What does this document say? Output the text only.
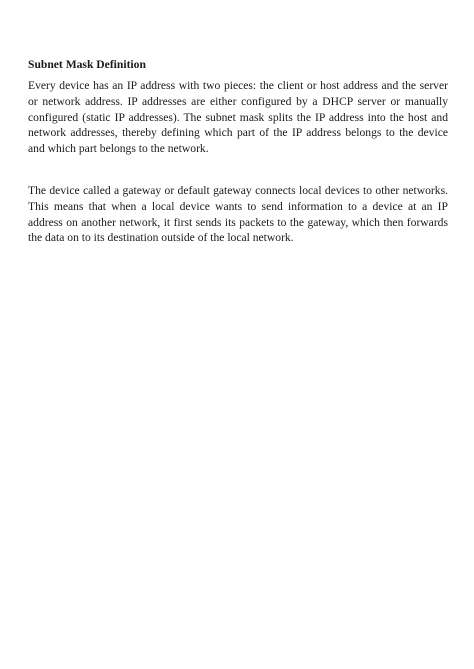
Subnet Mask Definition

Every device has an IP address with two pieces: the client or host address and the server or network address. IP addresses are either configured by a DHCP server or manually configured (static IP addresses). The subnet mask splits the IP address into the host and network addresses, thereby defining which part of the IP address belongs to the device and which part belongs to the network.

The device called a gateway or default gateway connects local devices to other networks. This means that when a local device wants to send information to a device at an IP address on another network, it first sends its packets to the gateway, which then forwards the data on to its destination outside of the local network.
